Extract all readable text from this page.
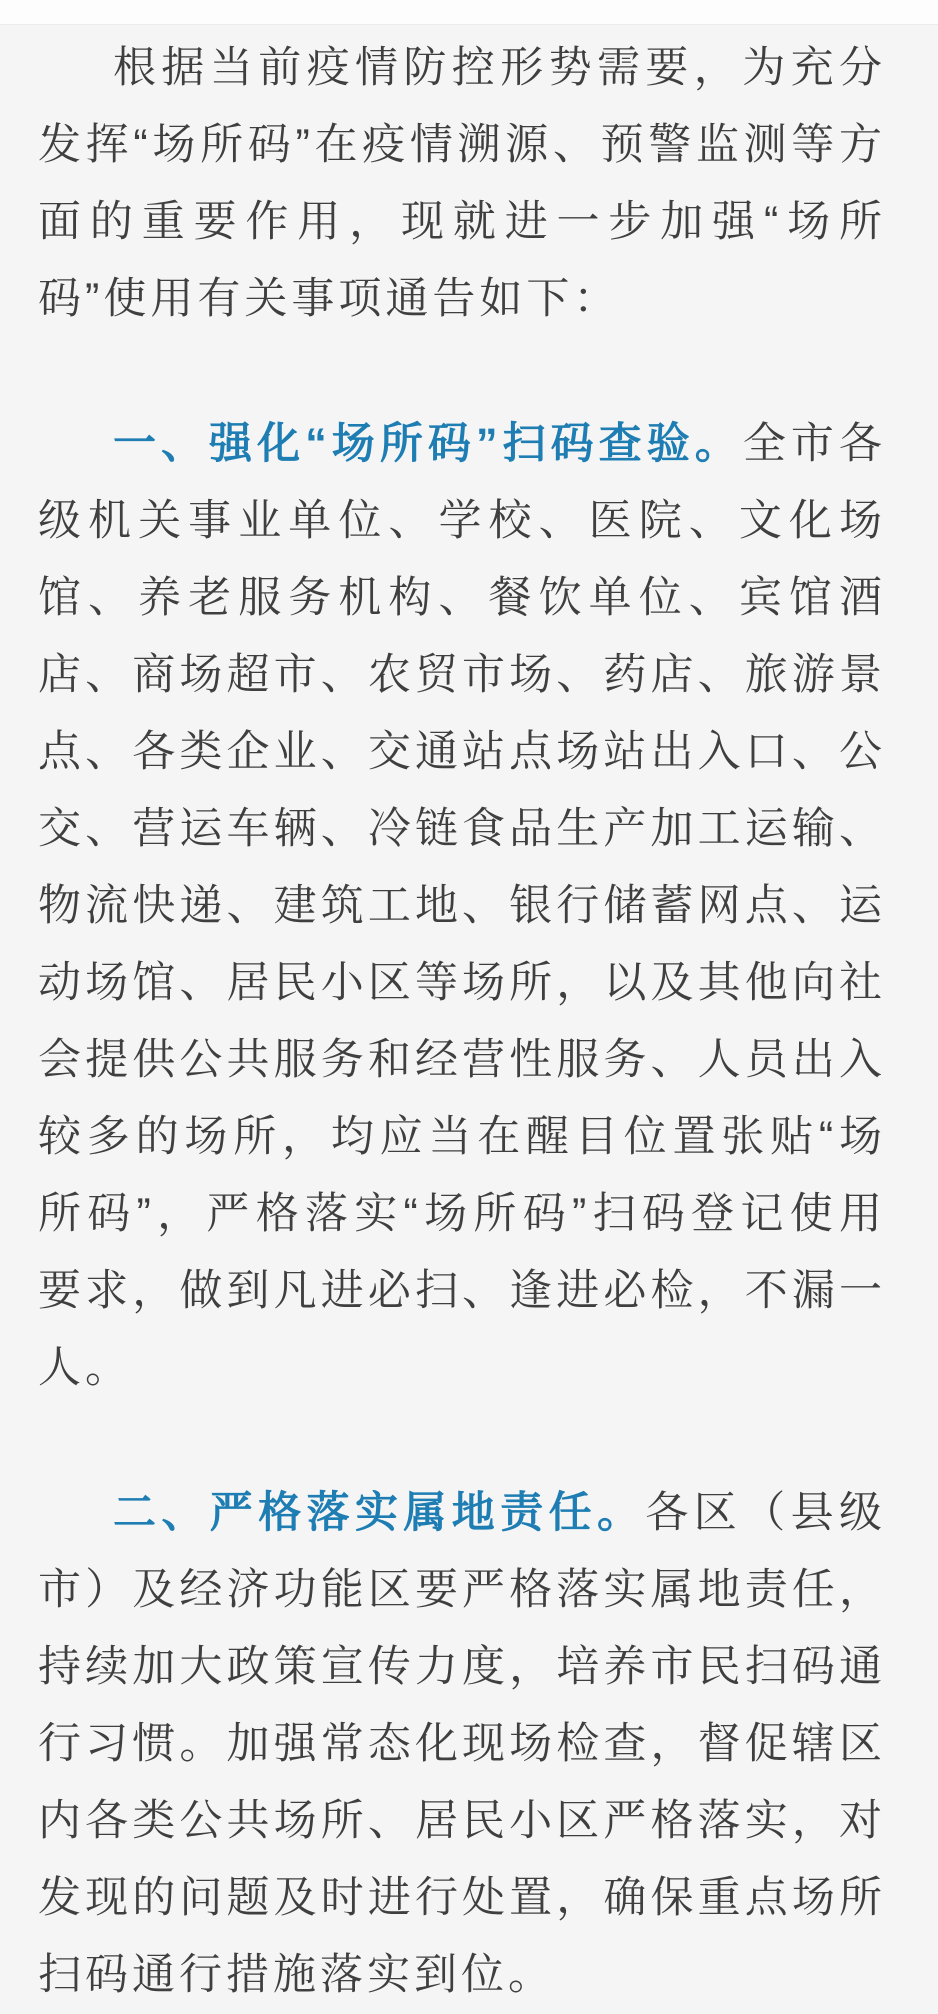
根据当前疫情防控形势需要，为充分发挥“场所码”在疫情溯源、预警监测等方面的重要作用，现就进一步加强“场所码”使用有关事项通告如下：

一、强化“场所码”扫码查验。全市各级机关事业单位、学校、医院、文化场馆、养老服务机构、餐饮单位、宾馆酒店、商场超市、农贸市场、药店、旅游景点、各类企业、交通站点场站出入口、公交、营运车辆、冷链食品生产加工运输、物流快递、建筑工地、银行储蓄网点、运动场馆、居民小区等场所，以及其他向社会提供公共服务和经营性服务、人员出入较多的场所，均应当在醒目位置张贴“场所码”，严格落实“场所码”扫码登记使用要求，做到凡进必扫、逢进必检，不漏一人。

二、严格落实属地责任。各区（县级市）及经济功能区要严格落实属地责任，持续加大政策宣传力度，培养市民扫码通行习惯。加强常态化现场检查，督促辖区内各类公共场所、居民小区严格落实，对发现的问题及时进行处置，确保重点场所扫码通行措施落实到位。
